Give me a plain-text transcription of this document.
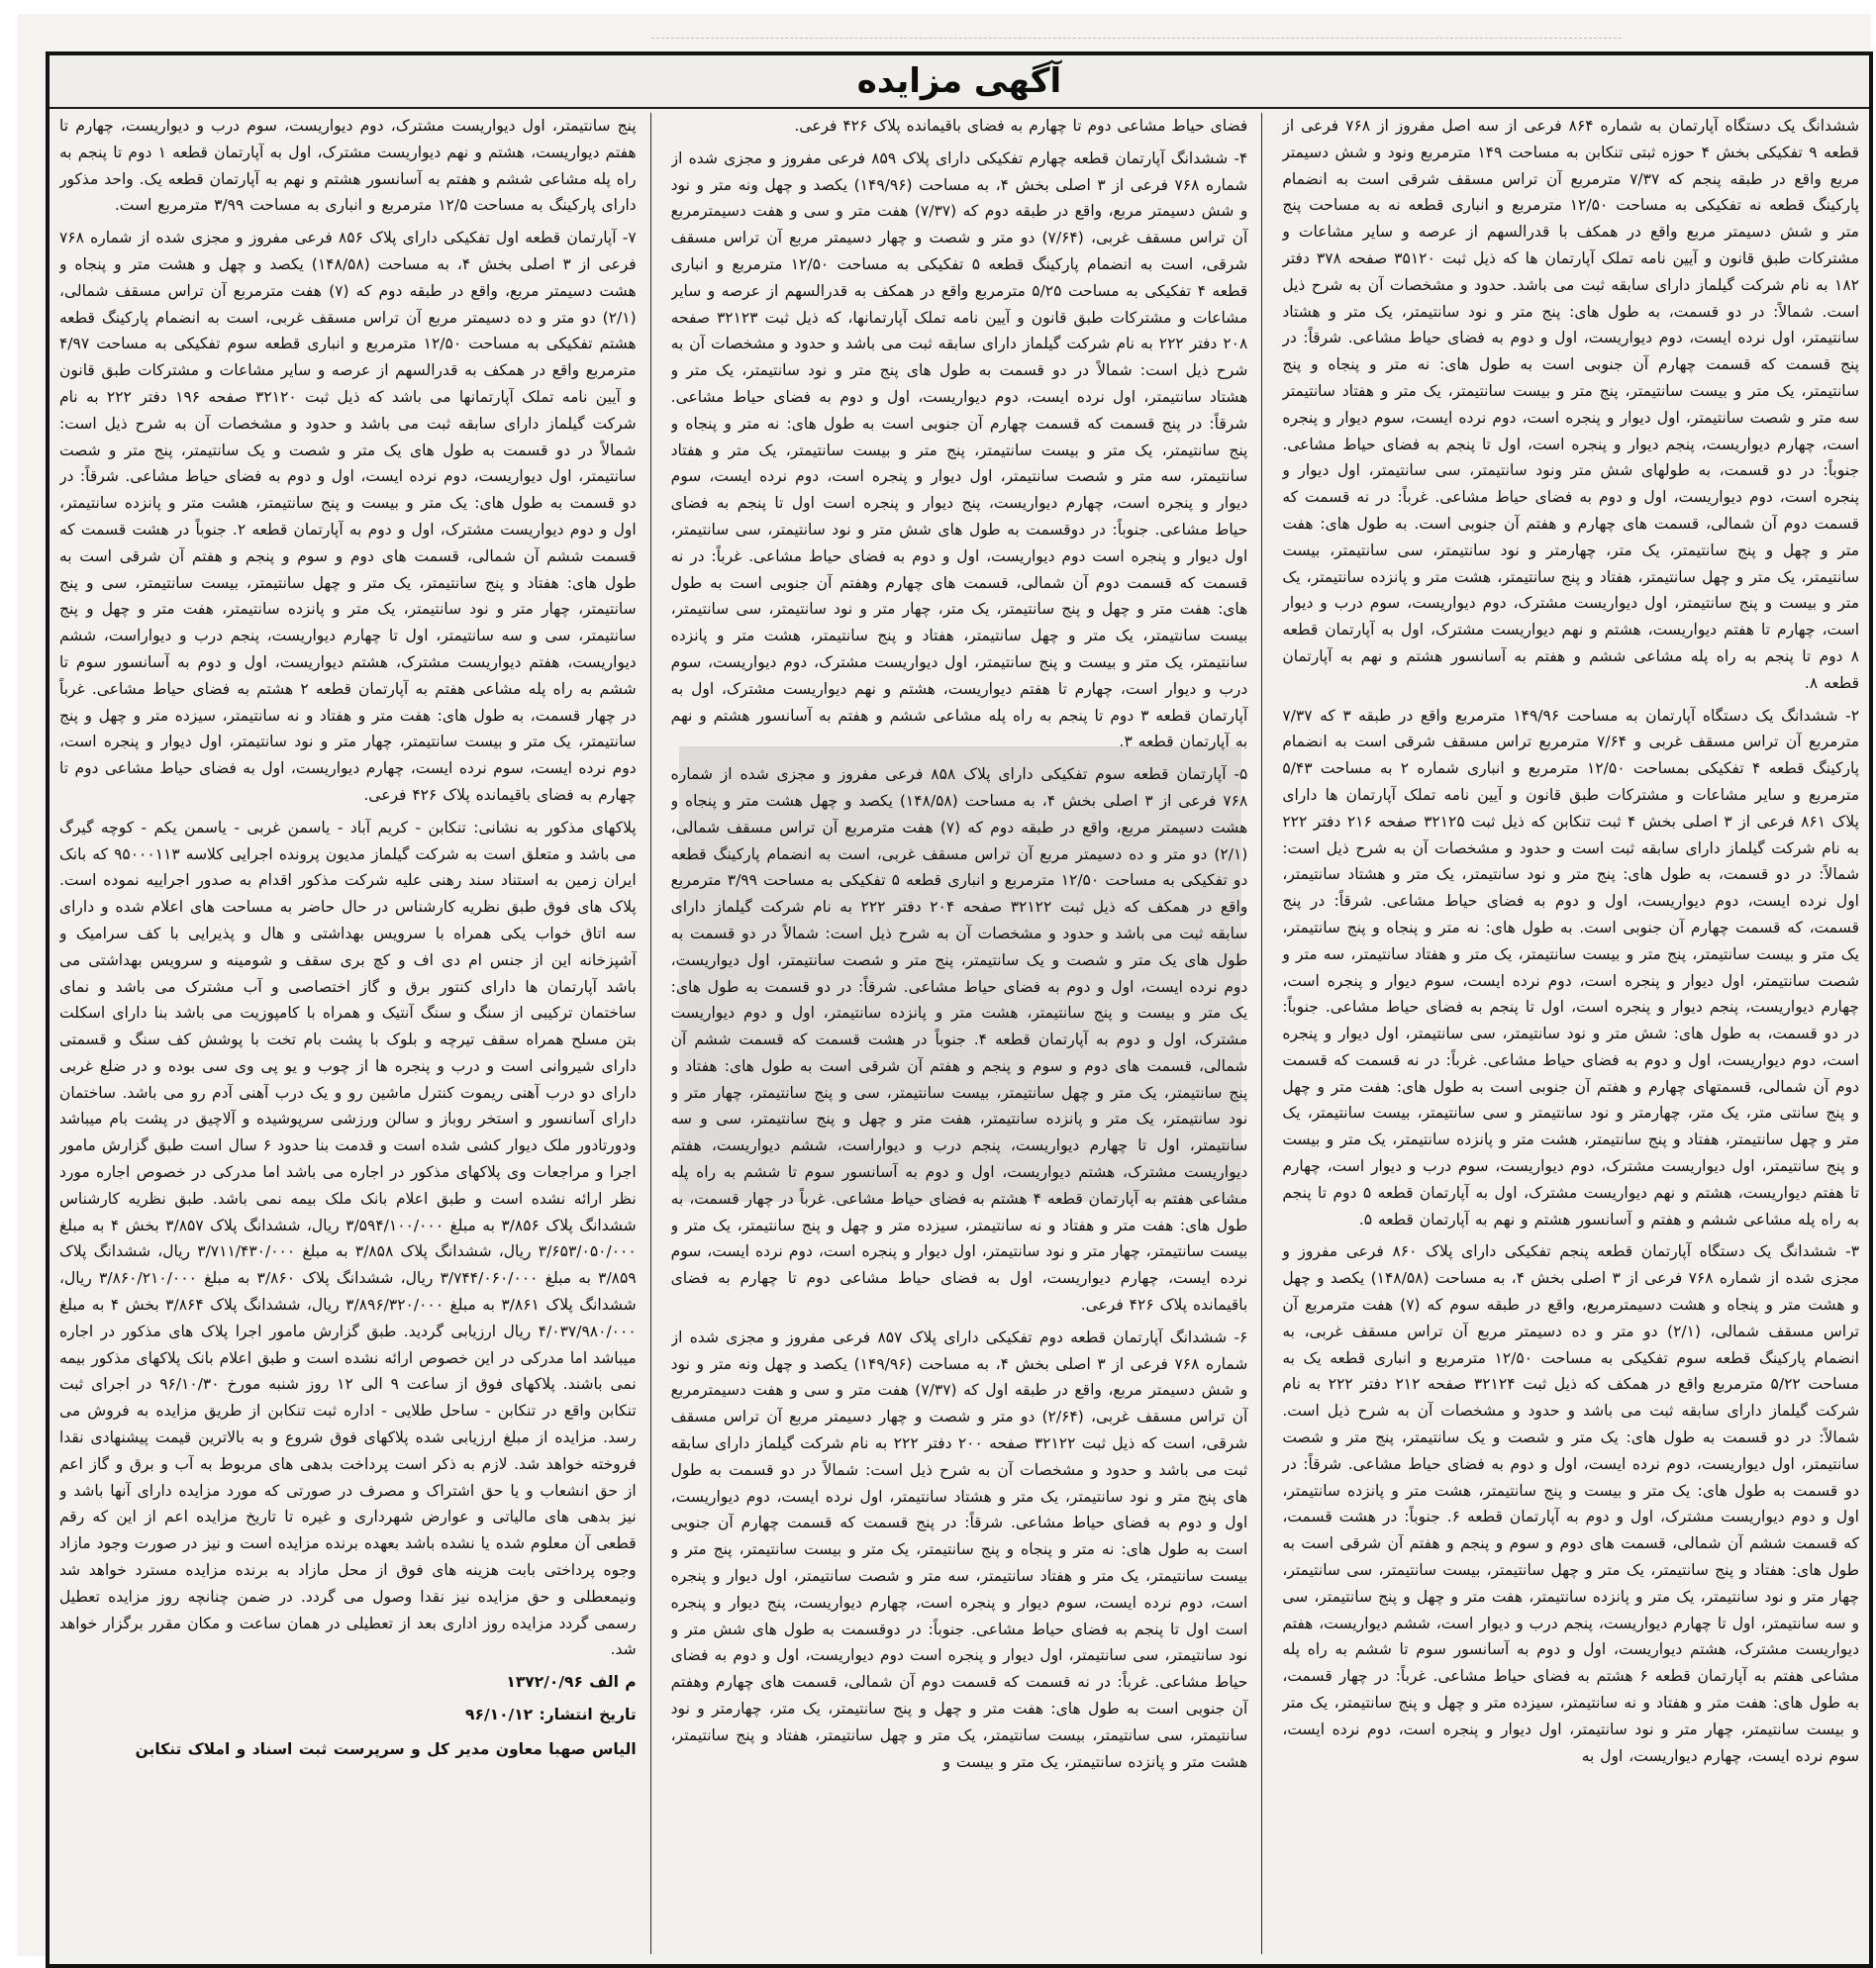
آگهی مزایده

ششدانگ یک دستگاه آپارتمان به شماره ۸۶۴ فرعی از سه اصل مفروز از ۷۶۸ فرعی از قطعه ۹ تفکیکی بخش ۴ حوزه ثبتی تنکابن به مساحت ۱۴۹ مترمربع ونود و شش دسیمتر مربع واقع در طبقه پنجم که ۷/۳۷ مترمربع آن تراس مسقف شرقی است به انضمام پارکینگ قطعه نه تفکیکی به مساحت ۱۲/۵۰ مترمربع و انباری قطعه نه به مساحت پنج متر و شش دسیمتر مربع واقع در همکف با قدرالسهم از عرصه و سایر مشاعات و مشترکات طبق قانون و آیین نامه تملک آپارتمان ها که ذیل ثبت ۳۵۱۲۰ صفحه ۳۷۸ دفتر ۱۸۲ به نام شرکت گیلماز دارای سابقه ثبت می باشد. حدود و مشخصات آن به شرح ذیل است. شمالاً: در دو قسمت، به طول های: پنج متر و نود سانتیمتر، یک متر و هشتاد سانتیمتر، اول نرده ایست، دوم دیواریست، اول و دوم به فضای حیاط مشاعی. شرقاً: در پنج قسمت که قسمت چهارم آن جنوبی است به طول های: نه متر و پنجاه و پنج سانتیمتر، یک متر و بیست سانتیمتر، پنج متر و بیست سانتیمتر، یک متر و هفتاد سانتیمتر سه متر و شصت سانتیمتر، اول دیوار و پنجره است، دوم نرده ایست، سوم دیوار و پنجره است، چهارم دیواریست، پنجم دیوار و پنجره است، اول تا پنجم به فضای حیاط مشاعی. جنوباً: در دو قسمت، به طولهای شش متر ونود سانتیمتر، سی سانتیمتر، اول دیوار و پنجره است، دوم دیواریست، اول و دوم به فضای حیاط مشاعی. غرباً: در نه قسمت که قسمت دوم آن شمالی، قسمت های چهارم و هفتم آن جنوبی است. به طول های: هفت متر و چهل و پنج سانتیمتر، یک متر، چهارمتر و نود سانتیمتر، سی سانتیمتر، بیست سانتیمتر، یک متر و چهل سانتیمتر، هفتاد و پنج سانتیمتر، هشت متر و پانزده سانتیمتر، یک متر و بیست و پنج سانتیمتر، اول دیواریست مشترک، دوم دیواریست، سوم درب و دیوار است، چهارم تا هفتم دیواریست، هشتم و نهم دیواریست مشترک، اول به آپارتمان قطعه ۸ دوم تا پنجم به راه پله مشاعی ششم و هفتم به آسانسور هشتم و نهم به آپارتمان قطعه ۸.

۲- ششدانگ یک دستگاه آپارتمان به مساحت ۱۴۹/۹۶ مترمربع واقع در طبقه ۳ که ۷/۳۷ مترمربع آن تراس مسقف غربی و ۷/۶۴ مترمربع تراس مسقف شرقی است به انضمام پارکینگ قطعه ۴ تفکیکی بمساحت ۱۲/۵۰ مترمربع و انباری شماره ۲ به مساحت ۵/۴۳ مترمربع و سایر مشاعات و مشترکات طبق قانون و آیین نامه تملک آپارتمان ها دارای پلاک ۸۶۱ فرعی از ۳ اصلی بخش ۴ ثبت تنکابن که ذیل ثبت ۳۲۱۲۵ صفحه ۲۱۶ دفتر ۲۲۲ به نام شرکت گیلماز دارای سابقه ثبت است و حدود و مشخصات آن به شرح ذیل است: شمالاً: در دو قسمت، به طول های: پنج متر و نود سانتیمتر، یک متر و هشتاد سانتیمتر، اول نرده ایست، دوم دیواریست، اول و دوم به فضای حیاط مشاعی. شرقاً: در پنج قسمت، که قسمت چهارم آن جنوبی است. به طول های: نه متر و پنجاه و پنج سانتیمتر، یک متر و بیست سانتیمتر، پنج متر و بیست سانتیمتر، یک متر و هفتاد سانتیمتر، سه متر و شصت سانتیمتر، اول دیوار و پنجره است، دوم نرده ایست، سوم دیوار و پنجره است، چهارم دیواریست، پنجم دیوار و پنجره است، اول تا پنجم به فضای حیاط مشاعی. جنوباً: در دو قسمت، به طول های: شش متر و نود سانتیمتر، سی سانتیمتر، اول دیوار و پنجره است، دوم دیواریست، اول و دوم به فضای حیاط مشاعی. غرباً: در نه قسمت که قسمت دوم آن شمالی، قسمتهای چهارم و هفتم آن جنوبی است به طول های: هفت متر و چهل و پنج سانتی متر، یک متر، چهارمتر و نود سانتیمتر و سی سانتیمتر، بیست سانتیمتر، یک متر و چهل سانتیمتر، هفتاد و پنج سانتیمتر، هشت متر و پانزده سانتیمتر، یک متر و بیست و پنج سانتیمتر، اول دیواریست مشترک، دوم دیواریست، سوم درب و دیوار است، چهارم تا هفتم دیواریست، هشتم و نهم دیواریست مشترک، اول به آپارتمان قطعه ۵ دوم تا پنجم به راه پله مشاعی ششم و هفتم و آسانسور هشتم و نهم به آپارتمان قطعه ۵.

۳- ششدانگ یک دستگاه آپارتمان قطعه پنجم تفکیکی دارای پلاک ۸۶۰ فرعی مفروز و مجزی شده از شماره ۷۶۸ فرعی از ۳ اصلی بخش ۴، به مساحت (۱۴۸/۵۸) یکصد و چهل و هشت متر و پنجاه و هشت دسیمترمربع، واقع در طبقه سوم که (۷) هفت مترمربع آن تراس مسقف شمالی، (۲/۱) دو متر و ده دسیمتر مربع آن تراس مسقف غربی، به انضمام پارکینگ قطعه سوم تفکیکی به مساحت ۱۲/۵۰ مترمربع و انباری قطعه یک به مساحت ۵/۲۲ مترمربع واقع در همکف که ذیل ثبت ۳۲۱۲۴ صفحه ۲۱۲ دفتر ۲۲۲ به نام شرکت گیلماز دارای سابقه ثبت می باشد و حدود و مشخصات آن به شرح ذیل است. شمالاً: در دو قسمت به طول های: یک متر و شصت و یک سانتیمتر، پنج متر و شصت سانتیمتر، اول دیواریست، دوم نرده ایست، اول و دوم به فضای حیاط مشاعی. شرقاً: در دو قسمت به طول های: یک متر و بیست و پنج سانتیمتر، هشت متر و پانزده سانتیمتر، اول و دوم دیواریست مشترک، اول و دوم به آپارتمان قطعه ۶. جنوباً: در هشت قسمت، که قسمت ششم آن شمالی، قسمت های دوم و سوم و پنجم و هفتم آن شرقی است به طول های: هفتاد و پنج سانتیمتر، یک متر و چهل سانتیمتر، بیست سانتیمتر، سی سانتیمتر، چهار متر و نود سانتیمتر، یک متر و پانزده سانتیمتر، هفت متر و چهل و پنج سانتیمتر، سی و سه سانتیمتر، اول تا چهارم دیواریست، پنجم درب و دیوار است، ششم دیواریست، هفتم دیواریست مشترک، هشتم دیواریست، اول و دوم به آسانسور سوم تا ششم به راه پله مشاعی هفتم به آپارتمان قطعه ۶ هشتم به فضای حیاط مشاعی. غرباً: در چهار قسمت، به طول های: هفت متر و هفتاد و نه سانتیمتر، سیزده متر و چهل و پنج سانتیمتر، یک متر و بیست سانتیمتر، چهار متر و نود سانتیمتر، اول دیوار و پنجره است، دوم نرده ایست، سوم نرده ایست، چهارم دیواریست، اول به

فضای حیاط مشاعی دوم تا چهارم به فضای باقیمانده پلاک ۴۲۶ فرعی.

۴- ششدانگ آپارتمان قطعه چهارم تفکیکی دارای پلاک ۸۵۹ فرعی مفروز و مجزی شده از شماره ۷۶۸ فرعی از ۳ اصلی بخش ۴، به مساحت (۱۴۹/۹۶) یکصد و چهل ونه متر و نود و شش دسیمتر مربع، واقع در طبقه دوم که (۷/۳۷) هفت متر و سی و هفت دسیمترمربع آن تراس مسقف غربی، (۷/۶۴) دو متر و شصت و چهار دسیمتر مربع آن تراس مسقف شرقی، است به انضمام پارکینگ قطعه ۵ تفکیکی به مساحت ۱۲/۵۰ مترمربع و انباری قطعه ۴ تفکیکی به مساحت ۵/۲۵ مترمربع واقع در همکف به قدرالسهم از عرصه و سایر مشاعات و مشترکات طبق قانون و آیین نامه تملک آپارتمانها، که ذیل ثبت ۳۲۱۲۳ صفحه ۲۰۸ دفتر ۲۲۲ به نام شرکت گیلماز دارای سابقه ثبت می باشد و حدود و مشخصات آن به شرح ذیل است: شمالاً در دو قسمت به طول های پنج متر و نود سانتیمتر، یک متر و هشتاد سانتیمتر، اول نرده ایست، دوم دیواریست، اول و دوم به فضای حیاط مشاعی. شرقاً: در پنج قسمت که قسمت چهارم آن جنوبی است به طول های: نه متر و پنجاه و پنج سانتیمتر، یک متر و بیست سانتیمتر، پنج متر و بیست سانتیمتر، یک متر و هفتاد سانتیمتر، سه متر و شصت سانتیمتر، اول دیوار و پنجره است، دوم نرده ایست، سوم دیوار و پنجره است، چهارم دیواریست، پنج دیوار و پنجره است اول تا پنجم به فضای حیاط مشاعی. جنوباً: در دوقسمت به طول های شش متر و نود سانتیمتر، سی سانتیمتر، اول دیوار و پنجره است دوم دیواریست، اول و دوم به فضای حیاط مشاعی. غرباً: در نه قسمت که قسمت دوم آن شمالی، قسمت های چهارم وهفتم آن جنوبی است به طول های: هفت متر و چهل و پنج سانتیمتر، یک متر، چهار متر و نود سانتیمتر، سی سانتیمتر، بیست سانتیمتر، یک متر و چهل سانتیمتر، هفتاد و پنج سانتیمتر، هشت متر و پانزده سانتیمتر، یک متر و بیست و پنج سانتیمتر، اول دیواریست مشترک، دوم دیواریست، سوم درب و دیوار است، چهارم تا هفتم دیواریست، هشتم و نهم دیواریست مشترک، اول به آپارتمان قطعه ۳ دوم تا پنجم به راه پله مشاعی ششم و هفتم به آسانسور هشتم و نهم به آپارتمان قطعه ۳.

۵- آپارتمان قطعه سوم تفکیکی دارای پلاک ۸۵۸ فرعی مفروز و مجزی شده از شماره ۷۶۸ فرعی از ۳ اصلی بخش ۴، به مساحت (۱۴۸/۵۸) یکصد و چهل هشت متر و پنجاه و هشت دسیمتر مربع، واقع در طبقه دوم که (۷) هفت مترمربع آن تراس مسقف شمالی، (۲/۱) دو متر و ده دسیمتر مربع آن تراس مسقف غربی، است به انضمام پارکینگ قطعه دو تفکیکی به مساحت ۱۲/۵۰ مترمربع و انباری قطعه ۵ تفکیکی به مساحت ۳/۹۹ مترمربع واقع در همکف که ذیل ثبت ۳۲۱۲۲ صفحه ۲۰۴ دفتر ۲۲۲ به نام شرکت گیلماز دارای سابقه ثبت می باشد و حدود و مشخصات آن به شرح ذیل است: شمالاً در دو قسمت به طول های یک متر و شصت و یک سانتیمتر، پنج متر و شصت سانتیمتر، اول دیواریست، دوم نرده ایست، اول و دوم به فضای حیاط مشاعی. شرقاً: در دو قسمت به طول های: یک متر و بیست و پنج سانتیمتر، هشت متر و پانزده سانتیمتر، اول و دوم دیواریست مشترک، اول و دوم به آپارتمان قطعه ۴. جنوباً در هشت قسمت که قسمت ششم آن شمالی، قسمت های دوم و سوم و پنجم و هفتم آن شرقی است به طول های: هفتاد و پنج سانتیمتر، یک متر و چهل سانتیمتر، بیست سانتیمتر، سی و پنج سانتیمتر، چهار متر و نود سانتیمتر، یک متر و پانزده سانتیمتر، هفت متر و چهل و پنج سانتیمتر، سی و سه سانتیمتر، اول تا چهارم دیواریست، پنجم درب و دیواراست، ششم دیواریست، هفتم دیواریست مشترک، هشتم دیواریست، اول و دوم به آسانسور سوم تا ششم به راه پله مشاعی هفتم به آپارتمان قطعه ۴ هشتم به فضای حیاط مشاعی. غرباً در چهار قسمت، به طول های: هفت متر و هفتاد و نه سانتیمتر، سیزده متر و چهل و پنج سانتیمتر، یک متر و بیست سانتیمتر، چهار متر و نود سانتیمتر، اول دیوار و پنجره است، دوم نرده ایست، سوم نرده ایست، چهارم دیواریست، اول به فضای حیاط مشاعی دوم تا چهارم به فضای باقیمانده پلاک ۴۲۶ فرعی.

۶- ششدانگ آپارتمان قطعه دوم تفکیکی دارای پلاک ۸۵۷ فرعی مفروز و مجزی شده از شماره ۷۶۸ فرعی از ۳ اصلی بخش ۴، به مساحت (۱۴۹/۹۶) یکصد و چهل ونه متر و نود و شش دسیمتر مربع، واقع در طبقه اول که (۷/۳۷) هفت متر و سی و هفت دسیمترمربع آن تراس مسقف غربی، (۲/۶۴) دو متر و شصت و چهار دسیمتر مربع آن تراس مسقف شرقی، است که ذیل ثبت ۳۲۱۲۲ صفحه ۲۰۰ دفتر ۲۲۲ به نام شرکت گیلماز دارای سابقه ثبت می باشد و حدود و مشخصات آن به شرح ذیل است: شمالاً در دو قسمت به طول های پنج متر و نود سانتیمتر، یک متر و هشتاد سانتیمتر، اول نرده ایست، دوم دیواریست، اول و دوم به فضای حیاط مشاعی. شرقاً: در پنج قسمت که قسمت چهارم آن جنوبی است به طول های: نه متر و پنجاه و پنج سانتیمتر، یک متر و بیست سانتیمتر، پنج متر و بیست سانتیمتر، یک متر و هفتاد سانتیمتر، سه متر و شصت سانتیمتر، اول دیوار و پنجره است، دوم نرده ایست، سوم دیوار و پنجره است، چهارم دیواریست، پنج دیوار و پنجره است اول تا پنجم به فضای حیاط مشاعی. جنوباً: در دوقسمت به طول های شش متر و نود سانتیمتر، سی سانتیمتر، اول دیوار و پنجره است دوم دیواریست، اول و دوم به فضای حیاط مشاعی. غرباً: در نه قسمت که قسمت دوم آن شمالی، قسمت های چهارم وهفتم آن جنوبی است به طول های: هفت متر و چهل و پنج سانتیمتر، یک متر، چهارمتر و نود سانتیمتر، سی سانتیمتر، بیست سانتیمتر، یک متر و چهل سانتیمتر، هفتاد و پنج سانتیمتر، هشت متر و پانزده سانتیمتر، یک متر و بیست و

پنج سانتیمتر، اول دیواریست مشترک، دوم دیواریست، سوم درب و دیواریست، چهارم تا هفتم دیواریست، هشتم و نهم دیواریست مشترک، اول به آپارتمان قطعه ۱ دوم تا پنجم به راه پله مشاعی ششم و هفتم به آسانسور هشتم و نهم به آپارتمان قطعه یک. واحد مذکور دارای پارکینگ به مساحت ۱۲/۵ مترمربع و انباری به مساحت ۳/۹۹ مترمربع است.

۷- آپارتمان قطعه اول تفکیکی دارای پلاک ۸۵۶ فرعی مفروز و مجزی شده از شماره ۷۶۸ فرعی از ۳ اصلی بخش ۴، به مساحت (۱۴۸/۵۸) یکصد و چهل و هشت متر و پنجاه و هشت دسیمتر مربع، واقع در طبقه دوم که (۷) هفت مترمربع آن تراس مسقف شمالی، (۲/۱) دو متر و ده دسیمتر مربع آن تراس مسقف غربی، است به انضمام پارکینگ قطعه هشتم تفکیکی به مساحت ۱۲/۵۰ مترمربع و انباری قطعه سوم تفکیکی به مساحت ۴/۹۷ مترمربع واقع در همکف به قدرالسهم از عرصه و سایر مشاعات و مشترکات طبق قانون و آیین نامه تملک آپارتمانها می باشد که ذیل ثبت ۳۲۱۲۰ صفحه ۱۹۶ دفتر ۲۲۲ به نام شرکت گیلماز دارای سابقه ثبت می باشد و حدود و مشخصات آن به شرح ذیل است: شمالاً در دو قسمت به طول های یک متر و شصت و یک سانتیمتر، پنج متر و شصت سانتیمتر، اول دیواریست، دوم نرده ایست، اول و دوم به فضای حیاط مشاعی. شرقاً: در دو قسمت به طول های: یک متر و بیست و پنج سانتیمتر، هشت متر و پانزده سانتیمتر، اول و دوم دیواریست مشترک، اول و دوم به آپارتمان قطعه ۲. جنوباً در هشت قسمت که قسمت ششم آن شمالی، قسمت های دوم و سوم و پنجم و هفتم آن شرقی است به طول های: هفتاد و پنج سانتیمتر، یک متر و چهل سانتیمتر، بیست سانتیمتر، سی و پنج سانتیمتر، چهار متر و نود سانتیمتر، یک متر و پانزده سانتیمتر، هفت متر و چهل و پنج سانتیمتر، سی و سه سانتیمتر، اول تا چهارم دیواریست، پنجم درب و دیواراست، ششم دیواریست، هفتم دیواریست مشترک، هشتم دیواریست، اول و دوم به آسانسور سوم تا ششم به راه پله مشاعی هفتم به آپارتمان قطعه ۲ هشتم به فضای حیاط مشاعی. غرباً در چهار قسمت، به طول های: هفت متر و هفتاد و نه سانتیمتر، سیزده متر و چهل و پنج سانتیمتر، یک متر و بیست سانتیمتر، چهار متر و نود سانتیمتر، اول دیوار و پنجره است، دوم نرده ایست، سوم نرده ایست، چهارم دیواریست، اول به فضای حیاط مشاعی دوم تا چهارم به فضای باقیمانده پلاک ۴۲۶ فرعی.

پلاکهای مذکور به نشانی: تنکابن - کریم آباد - یاسمن غربی - یاسمن یکم - کوچه گیرگ می باشد و متعلق است به شرکت گیلماز مدیون پرونده اجرایی کلاسه ۹۵۰۰۰۱۱۳ که بانک ایران زمین به استناد سند رهنی علیه شرکت مذکور اقدام به صدور اجراییه نموده است. پلاک های فوق طبق نظریه کارشناس در حال حاضر به مساحت های اعلام شده و دارای سه اتاق خواب یکی همراه با سرویس بهداشتی و هال و پذیرایی با کف سرامیک و آشپزخانه این از جنس ام دی اف و کچ بری سقف و شومینه و سرویس بهداشتی می باشد آپارتمان ها دارای کنتور برق و گاز اختصاصی و آب مشترک می باشد و نمای ساختمان ترکیبی از سنگ و سنگ آنتیک و همراه با کامپوزیت می باشد بنا دارای اسکلت بتن مسلح همراه سقف تیرچه و بلوک با پشت بام تخت با پوشش کف سنگ و قسمتی دارای شیروانی است و درب و پنجره ها از چوب و یو پی وی سی بوده و در ضلع غربی دارای دو درب آهنی ریموت کنترل ماشین رو و یک درب آهنی آدم رو می باشد. ساختمان دارای آسانسور و استخر روباز و سالن ورزشی سرپوشیده و آلاچیق در پشت بام میباشد ودورتادور ملک دیوار کشی شده است و قدمت بنا حدود ۶ سال است طبق گزارش مامور اجرا و مراجعات وی پلاکهای مذکور در اجاره می باشد اما مدرکی در خصوص اجاره مورد نظر ارائه نشده است و طبق اعلام بانک ملک بیمه نمی باشد. طبق نظریه کارشناس ششدانگ پلاک ۳/۸۵۶ به مبلغ ۳/۵۹۴/۱۰۰/۰۰۰ ریال، ششدانگ پلاک ۳/۸۵۷ بخش ۴ به مبلغ ۳/۶۵۳/۰۵۰/۰۰۰ ریال، ششدانگ پلاک ۳/۸۵۸ به مبلغ ۳/۷۱۱/۴۳۰/۰۰۰ ریال، ششدانگ پلاک ۳/۸۵۹ به مبلغ ۳/۷۴۴/۰۶۰/۰۰۰ ریال، ششدانگ پلاک ۳/۸۶۰ به مبلغ ۳/۸۶۰/۲۱۰/۰۰۰ ریال، ششدانگ پلاک ۳/۸۶۱ به مبلغ ۳/۸۹۶/۳۲۰/۰۰۰ ریال، ششدانگ پلاک ۳/۸۶۴ بخش ۴ به مبلغ ۴/۰۳۷/۹۸۰/۰۰۰ ریال ارزیابی گردید. طبق گزارش مامور اجرا پلاک های مذکور در اجاره میباشد اما مدرکی در این خصوص ارائه نشده است و طبق اعلام بانک پلاکهای مذکور بیمه نمی باشند. پلاکهای فوق از ساعت ۹ الی ۱۲ روز شنبه مورخ ۹۶/۱۰/۳۰ در اجرای ثبت تنکابن واقع در تنکابن - ساحل طلایی - اداره ثبت تنکابن از طریق مزایده به فروش می رسد. مزایده از مبلغ ارزیابی شده پلاکهای فوق شروع و به بالاترین قیمت پیشنهادی نقدا فروخته خواهد شد. لازم به ذکر است پرداخت بدهی های مربوط به آب و برق و گاز اعم از حق انشعاب و یا حق اشتراک و مصرف در صورتی که مورد مزایده دارای آنها باشد و نیز بدهی های مالیاتی و عوارض شهرداری و غیره تا تاریخ مزایده اعم از این که رقم قطعی آن معلوم شده یا نشده باشد بعهده برنده مزایده است و نیز در صورت وجود مازاد وجوه پرداختی بابت هزینه های فوق از محل مازاد به برنده مزایده مسترد خواهد شد ونیمعطلی و حق مزایده نیز نقدا وصول می گردد. در ضمن چنانچه روز مزایده تعطیل رسمی گردد مزایده روز اداری بعد از تعطیلی در همان ساعت و مکان مقرر برگزار خواهد شد.

م الف ۱۳۷۲/۰/۹۶

تاریخ انتشار: ۹۶/۱۰/۱۲

الیاس صهبا معاون مدیر کل و سرپرست ثبت اسناد و املاک تنکابن
